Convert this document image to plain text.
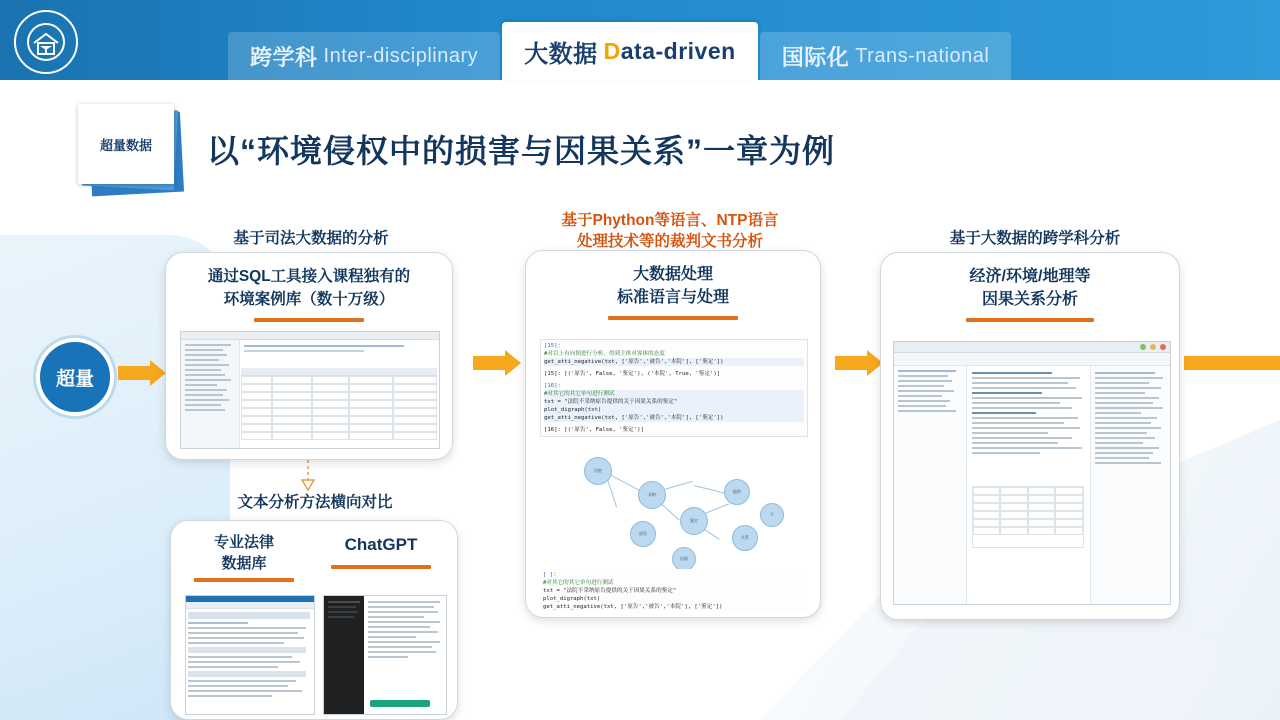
跨学科 Inter-disciplinary 大数据 Data-driven 国际化 Trans-national
超量数据	以“环境侵权中的损害与因果关系”一章为例
基于司法大数据的分析
基于Phython等语言、NTP语言
处理技术等的裁判文书分析	基于大数据的跨学科分析
文本分析方法横向对比
超量
通过SQL工具接入课程独有的
环境案例库（数十万级）
专业法律
数据库
ChatGPT
大数据处理
标准语言与处理
[15]:
#对以上有向图进行分析，得到主体对客体的态度
get_atti_negative(txt, ['原告','被告','本院'], ['鉴定'])
[15]: [('原告', False, '鉴定'), ('本院', True, '鉴定')]
[16]:
#对其它的其它单句进行测试
txt = "法院不采纳原告提供的关于因果关系的鉴定"
plot_digraph(txt)
get_atti_negative(txt, ['原告','被告','本院'], ['鉴定'])
[16]: [('原告', False, '鉴定')]
法院
采纳
鉴定
提供
关系
原告
因果
不
[ ]:
#对其它的其它单句进行测试
txt = "法院不采纳原告提供的关于因果关系的鉴定"
plot_digraph(txt)
get_atti_negative(txt, ['原告','被告','本院'], ['鉴定'])
经济/环境/地理等
因果关系分析
